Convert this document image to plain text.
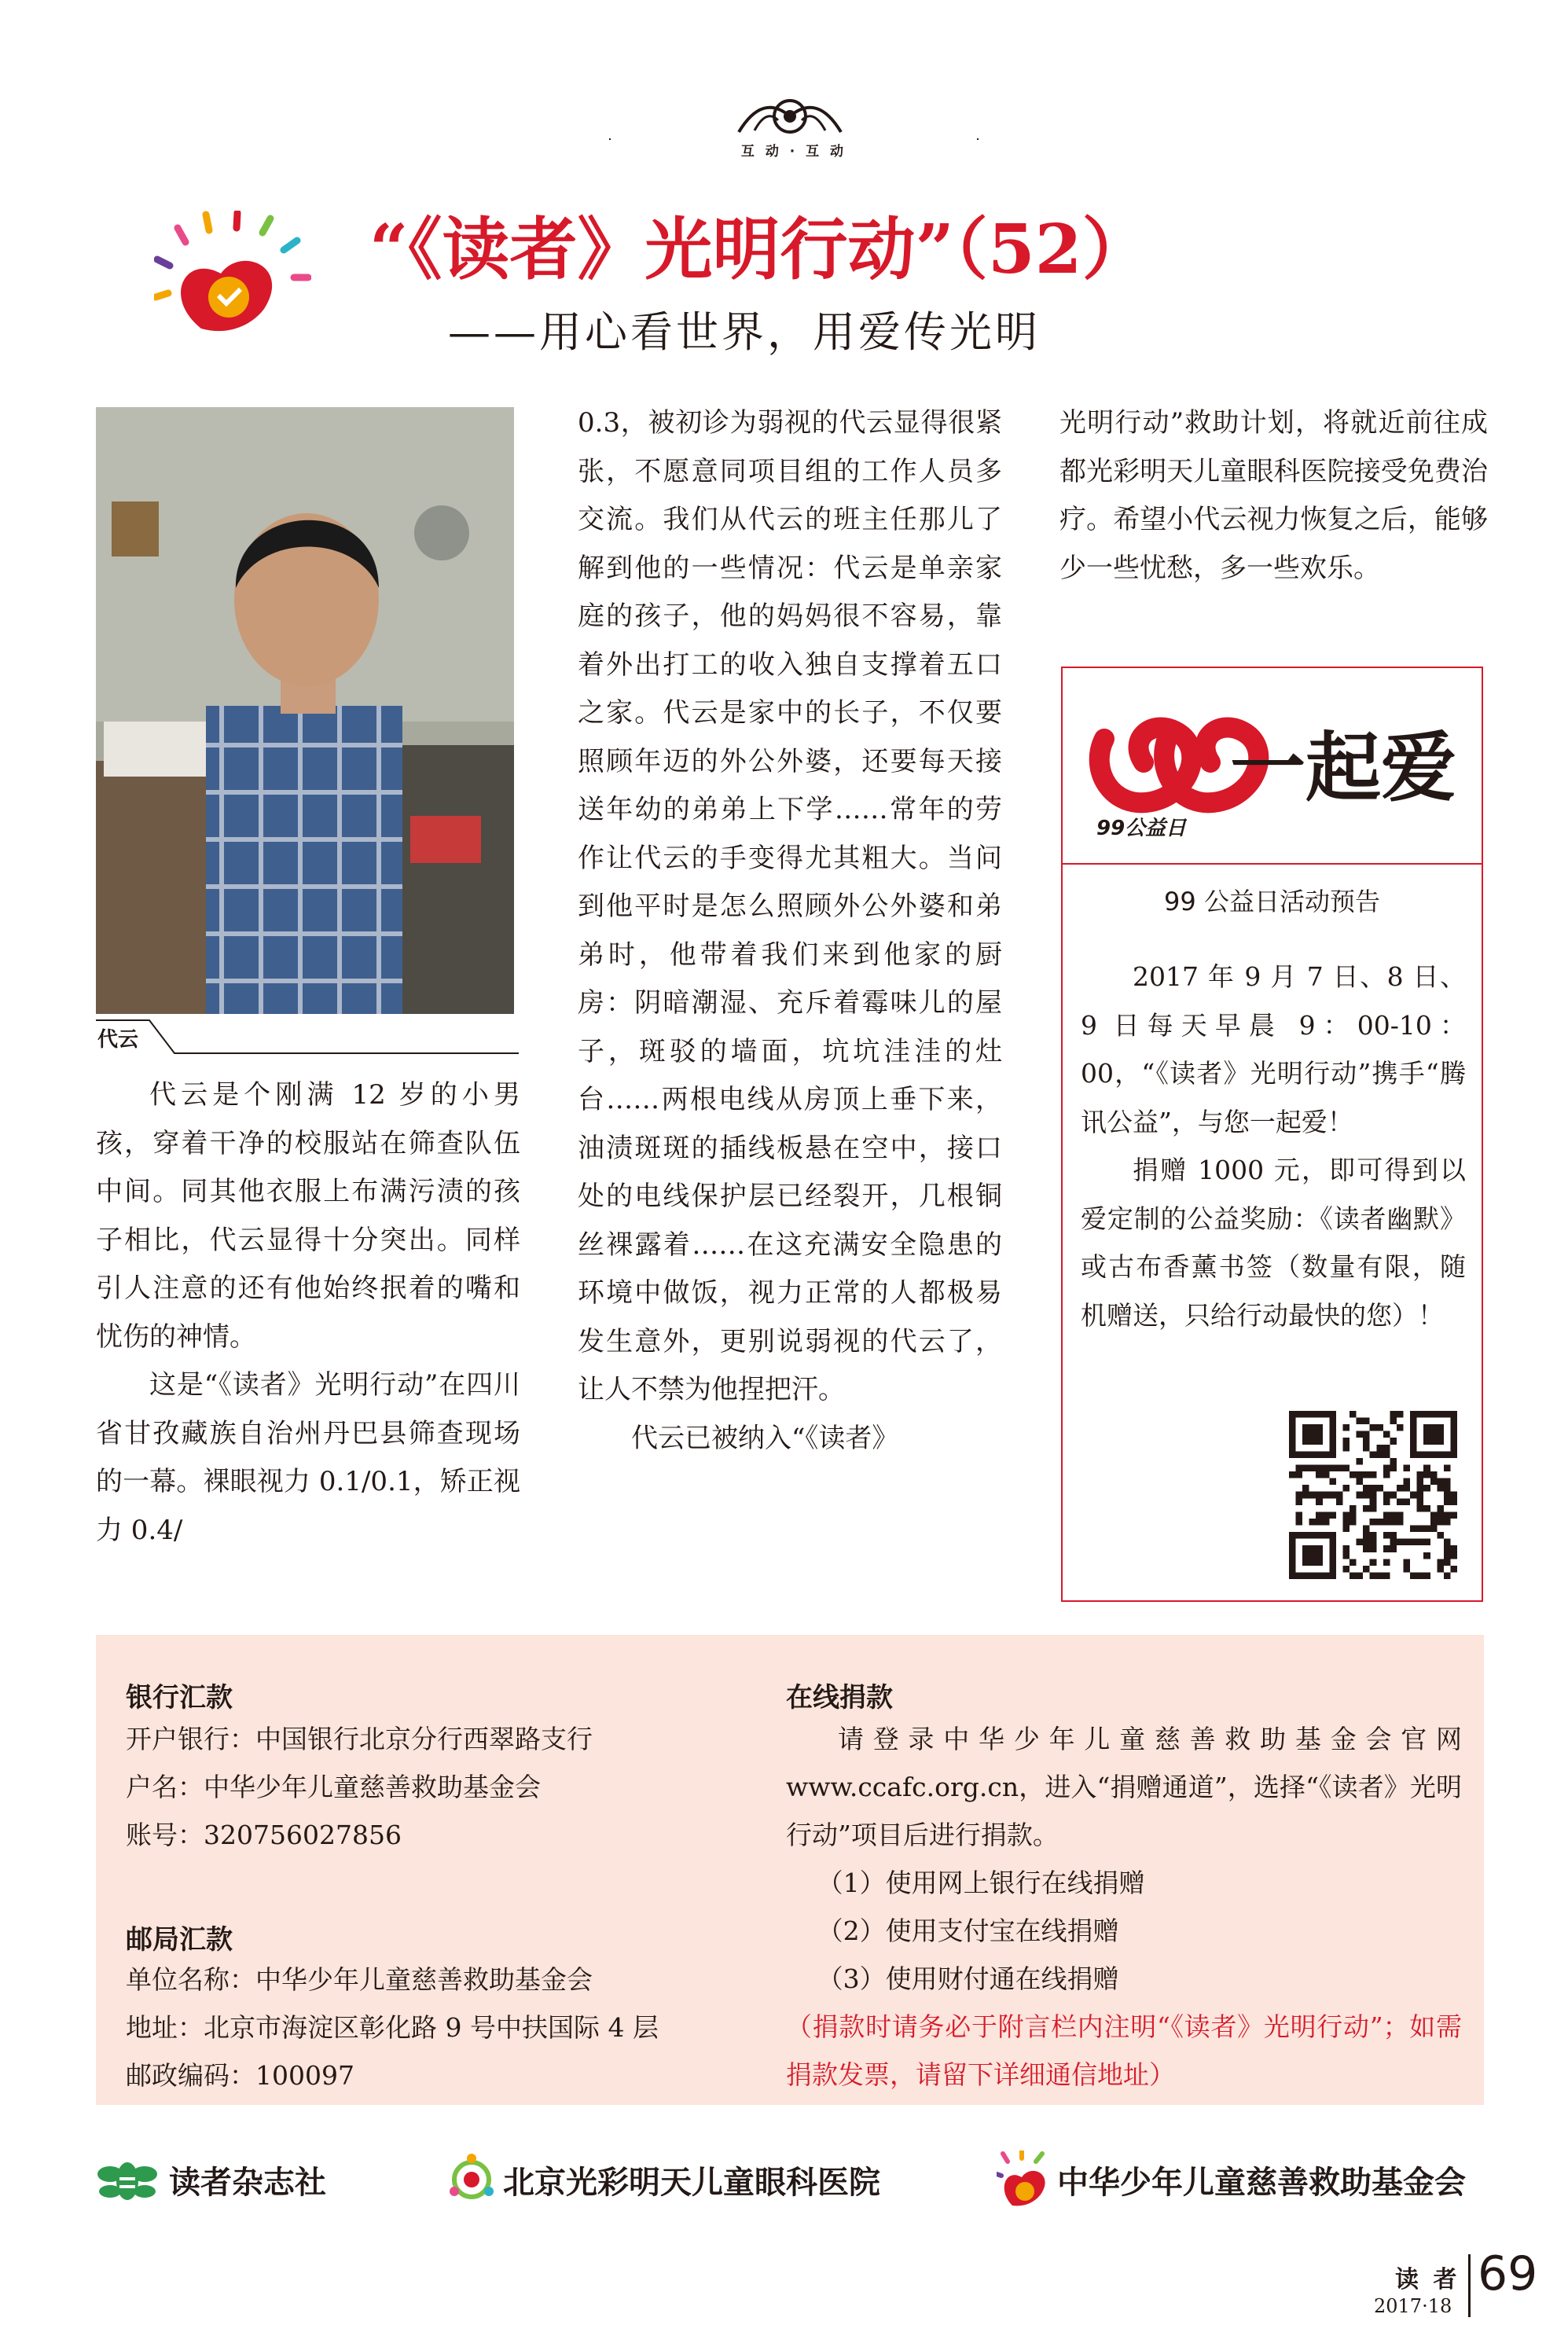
互 动 · 互 动
“《读者》光明行动”（52）
——用心看世界，用爱传光明
代云

代云是个刚满 12 岁的小男孩，穿着干净的校服站在筛查队伍中间。同其他衣服上布满污渍的孩子相比，代云显得十分突出。同样引人注意的还有他始终抿着的嘴和忧伤的神情。

这是“《读者》光明行动”在四川省甘孜藏族自治州丹巴县筛查现场的一幕。裸眼视力 0.1/0.1，矫正视力 0.4/

0.3，被初诊为弱视的代云显得很紧张，不愿意同项目组的工作人员多交流。我们从代云的班主任那儿了解到他的一些情况：代云是单亲家庭的孩子，他的妈妈很不容易，靠着外出打工的收入独自支撑着五口之家。代云是家中的长子，不仅要照顾年迈的外公外婆，还要每天接送年幼的弟弟上下学……常年的劳作让代云的手变得尤其粗大。当问到他平时是怎么照顾外公外婆和弟弟时，他带着我们来到他家的厨房：阴暗潮湿、充斥着霉味儿的屋子，斑驳的墙面，坑坑洼洼的灶台……两根电线从房顶上垂下来，油渍斑斑的插线板悬在空中，接口处的电线保护层已经裂开，几根铜丝裸露着……在这充满安全隐患的环境中做饭，视力正常的人都极易发生意外，更别说弱视的代云了，让人不禁为他捏把汗。

代云已被纳入“《读者》

光明行动”救助计划，将就近前往成都光彩明天儿童眼科医院接受免费治疗。希望小代云视力恢复之后，能够少一些忧愁，多一些欢乐。

99公益日
一起爱
99 公益日活动预告

2017 年 9 月 7 日、8 日、9 日每天早晨 9：00-10：00，“《读者》光明行动”携手“腾讯公益”，与您一起爱！

捐赠 1000 元，即可得到以爱定制的公益奖励：《读者幽默》或古布香薰书签（数量有限，随机赠送，只给行动最快的您）！

银行汇款

开户银行：中国银行北京分行西翠路支行

户名：中华少年儿童慈善救助基金会

账号：320756027856

邮局汇款

单位名称：中华少年儿童慈善救助基金会

地址：北京市海淀区彰化路 9 号中扶国际 4 层

邮政编码：100097

在线捐款

请登录中华少年儿童慈善救助基金会官网 www.ccafc.org.cn，进入“捐赠通道”，选择“《读者》光明行动”项目后进行捐款。

（1）使用网上银行在线捐赠

（2）使用支付宝在线捐赠

（3）使用财付通在线捐赠

（捐款时请务必于附言栏内注明“《读者》光明行动”；如需捐款发票，请留下详细通信地址）

读者杂志社	北京光彩明天儿童眼科医院	中华少年儿童慈善救助基金会
读 者
2017·18
69
